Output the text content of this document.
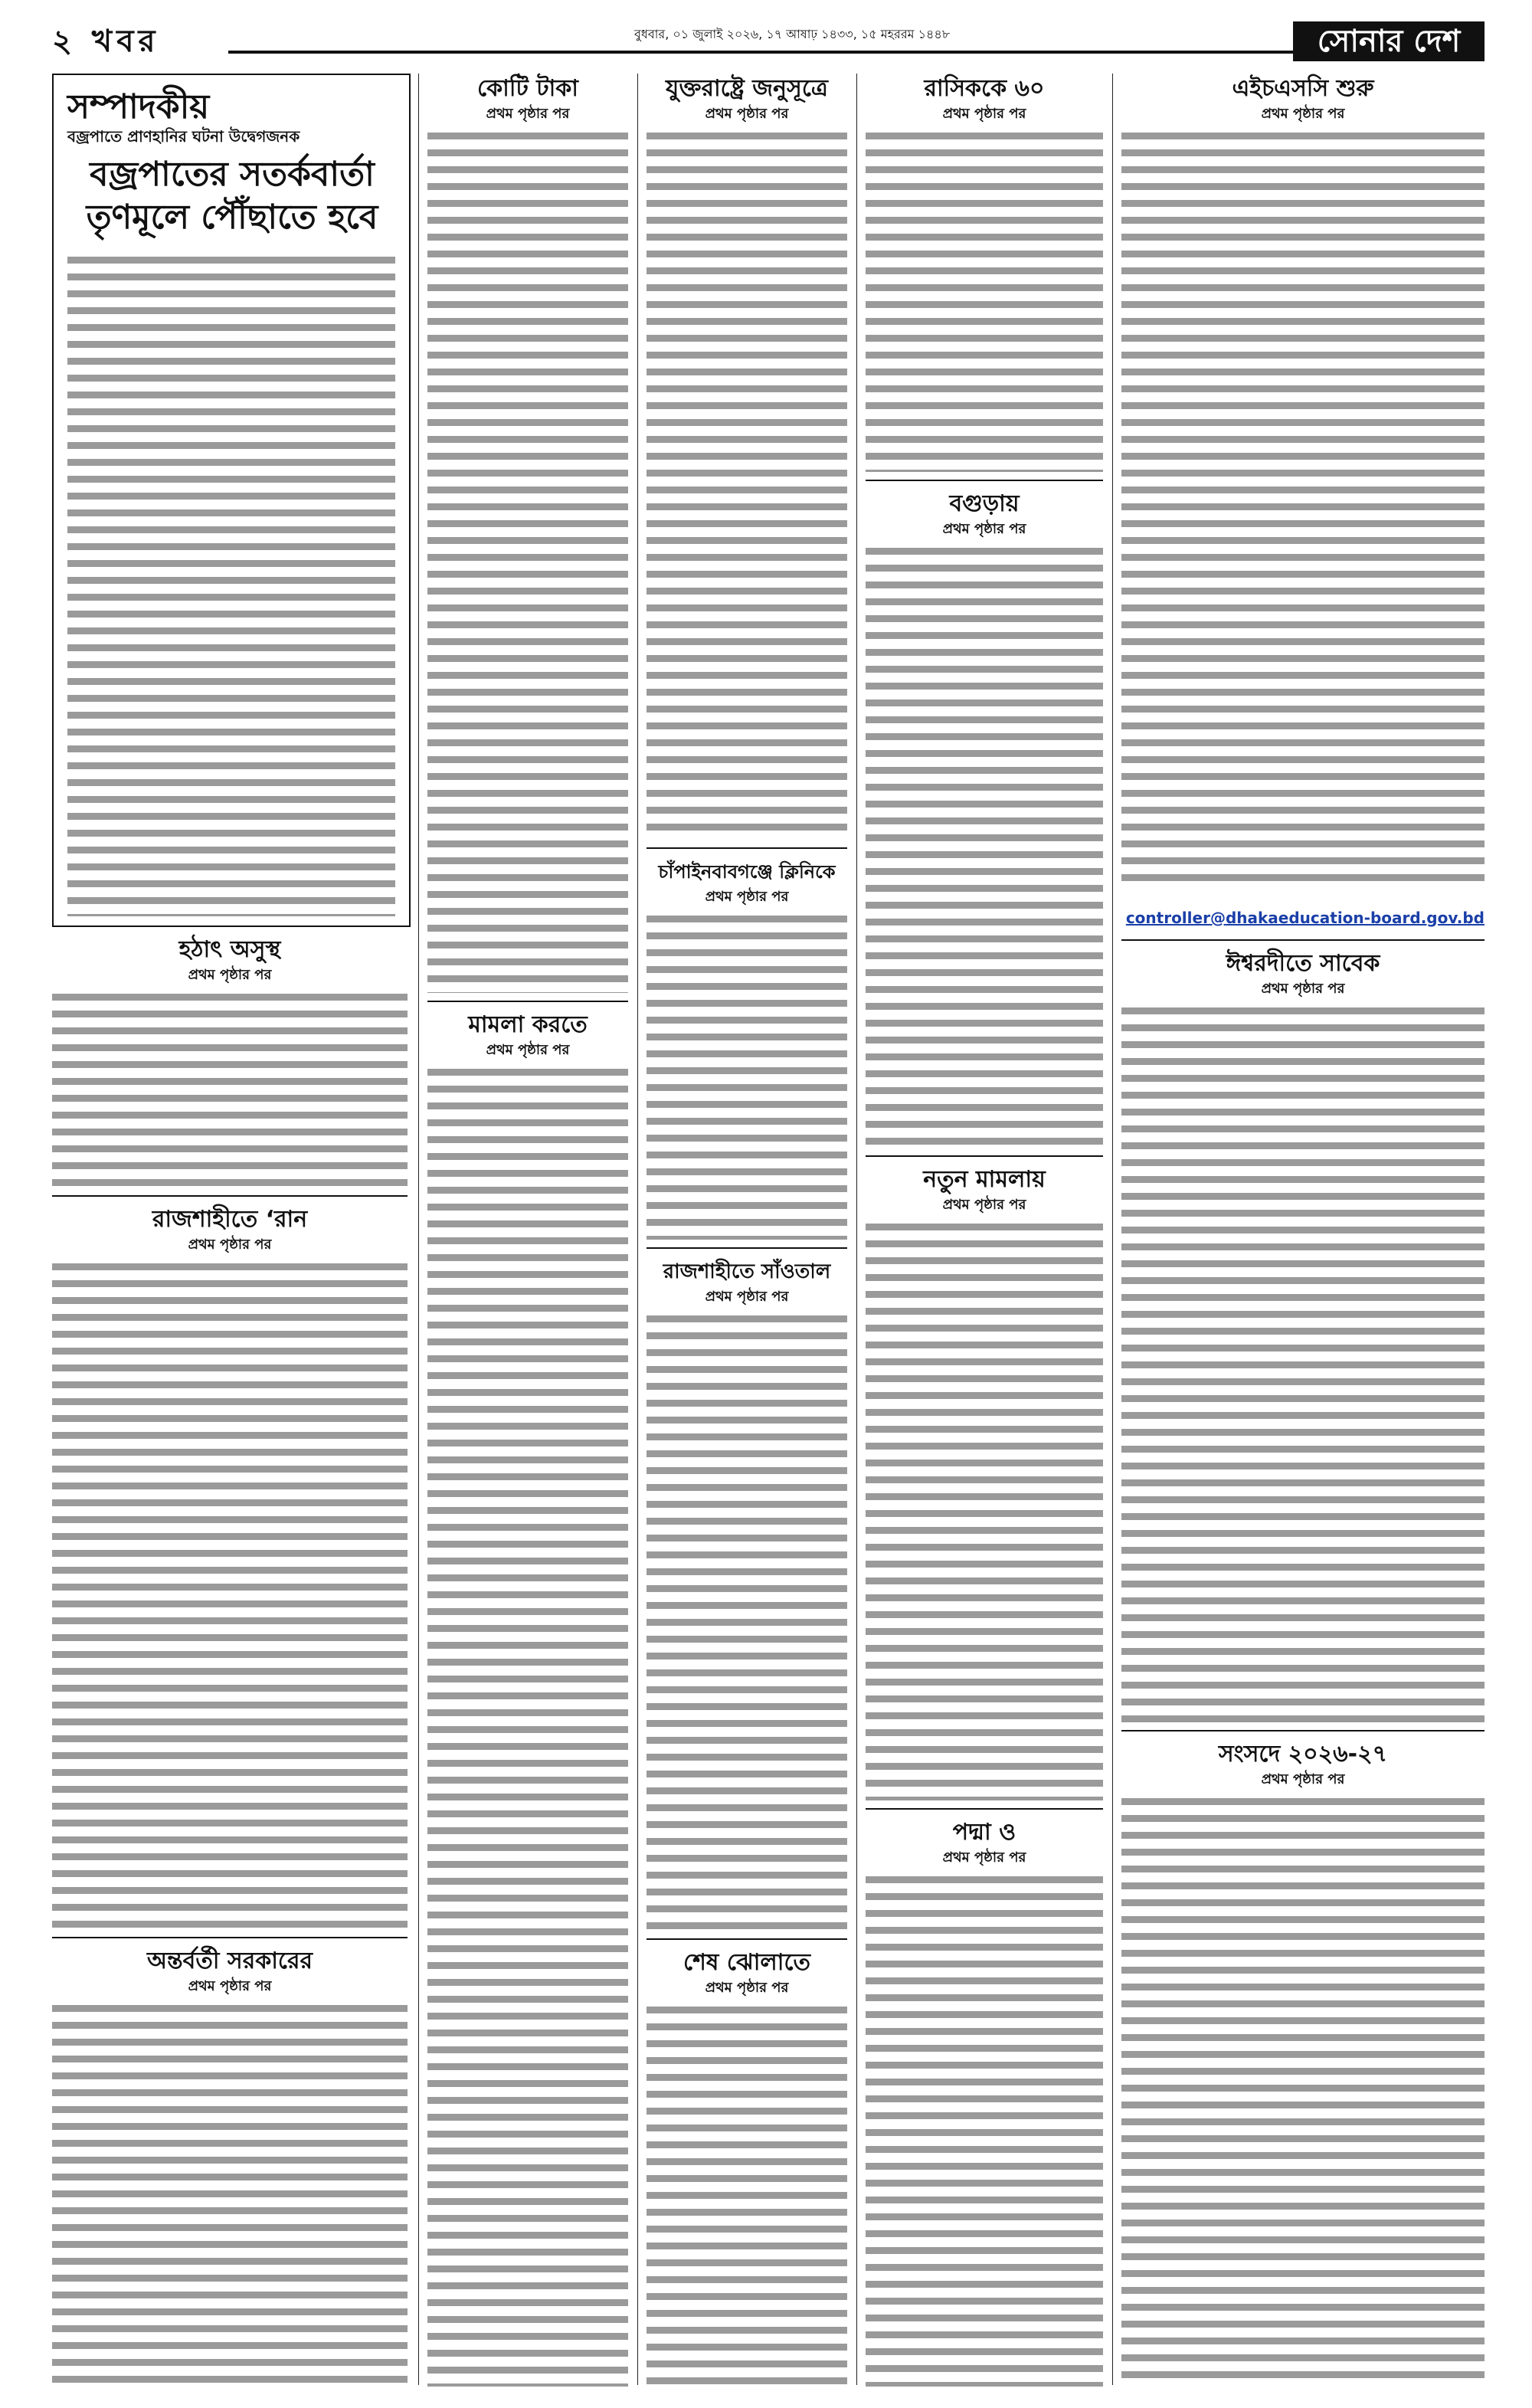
২ খবর	বুধবার, ০১ জুলাই ২০২৬, ১৭ আষাঢ় ১৪৩৩, ১৫ মহররম ১৪৪৮	সোনার দেশ
সম্পাদকীয়
বজ্রপাতে প্রাণহানির ঘটনা উদ্বেগজনক
বজ্রপাতের সতর্কবার্তা তৃণমূলে পৌঁছাতে হবে
হঠাৎ অসুস্থ
প্রথম পৃষ্ঠার পর
রাজশাহীতে ‘রান
প্রথম পৃষ্ঠার পর
অন্তর্বর্তী সরকারের
প্রথম পৃষ্ঠার পর
কোটি টাকা
প্রথম পৃষ্ঠার পর
মামলা করতে
প্রথম পৃষ্ঠার পর
যুক্তরাষ্ট্রে জনুসূত্রে
প্রথম পৃষ্ঠার পর
চাঁপাইনবাবগঞ্জে ক্লিনিকে
প্রথম পৃষ্ঠার পর
রাজশাহীতে সাঁওতাল
প্রথম পৃষ্ঠার পর
শেষ ঝোলাতে
প্রথম পৃষ্ঠার পর
রাসিককে ৬০
প্রথম পৃষ্ঠার পর
বগুড়ায়
প্রথম পৃষ্ঠার পর
নতুন মামলায়
প্রথম পৃষ্ঠার পর
পদ্মা ও
প্রথম পৃষ্ঠার পর
এইচএসসি শুরু
প্রথম পৃষ্ঠার পর
controller@dhakaeducation-board.gov.bd
ঈশ্বরদীতে সাবেক
প্রথম পৃষ্ঠার পর
সংসদে ২০২৬-২৭
প্রথম পৃষ্ঠার পর
